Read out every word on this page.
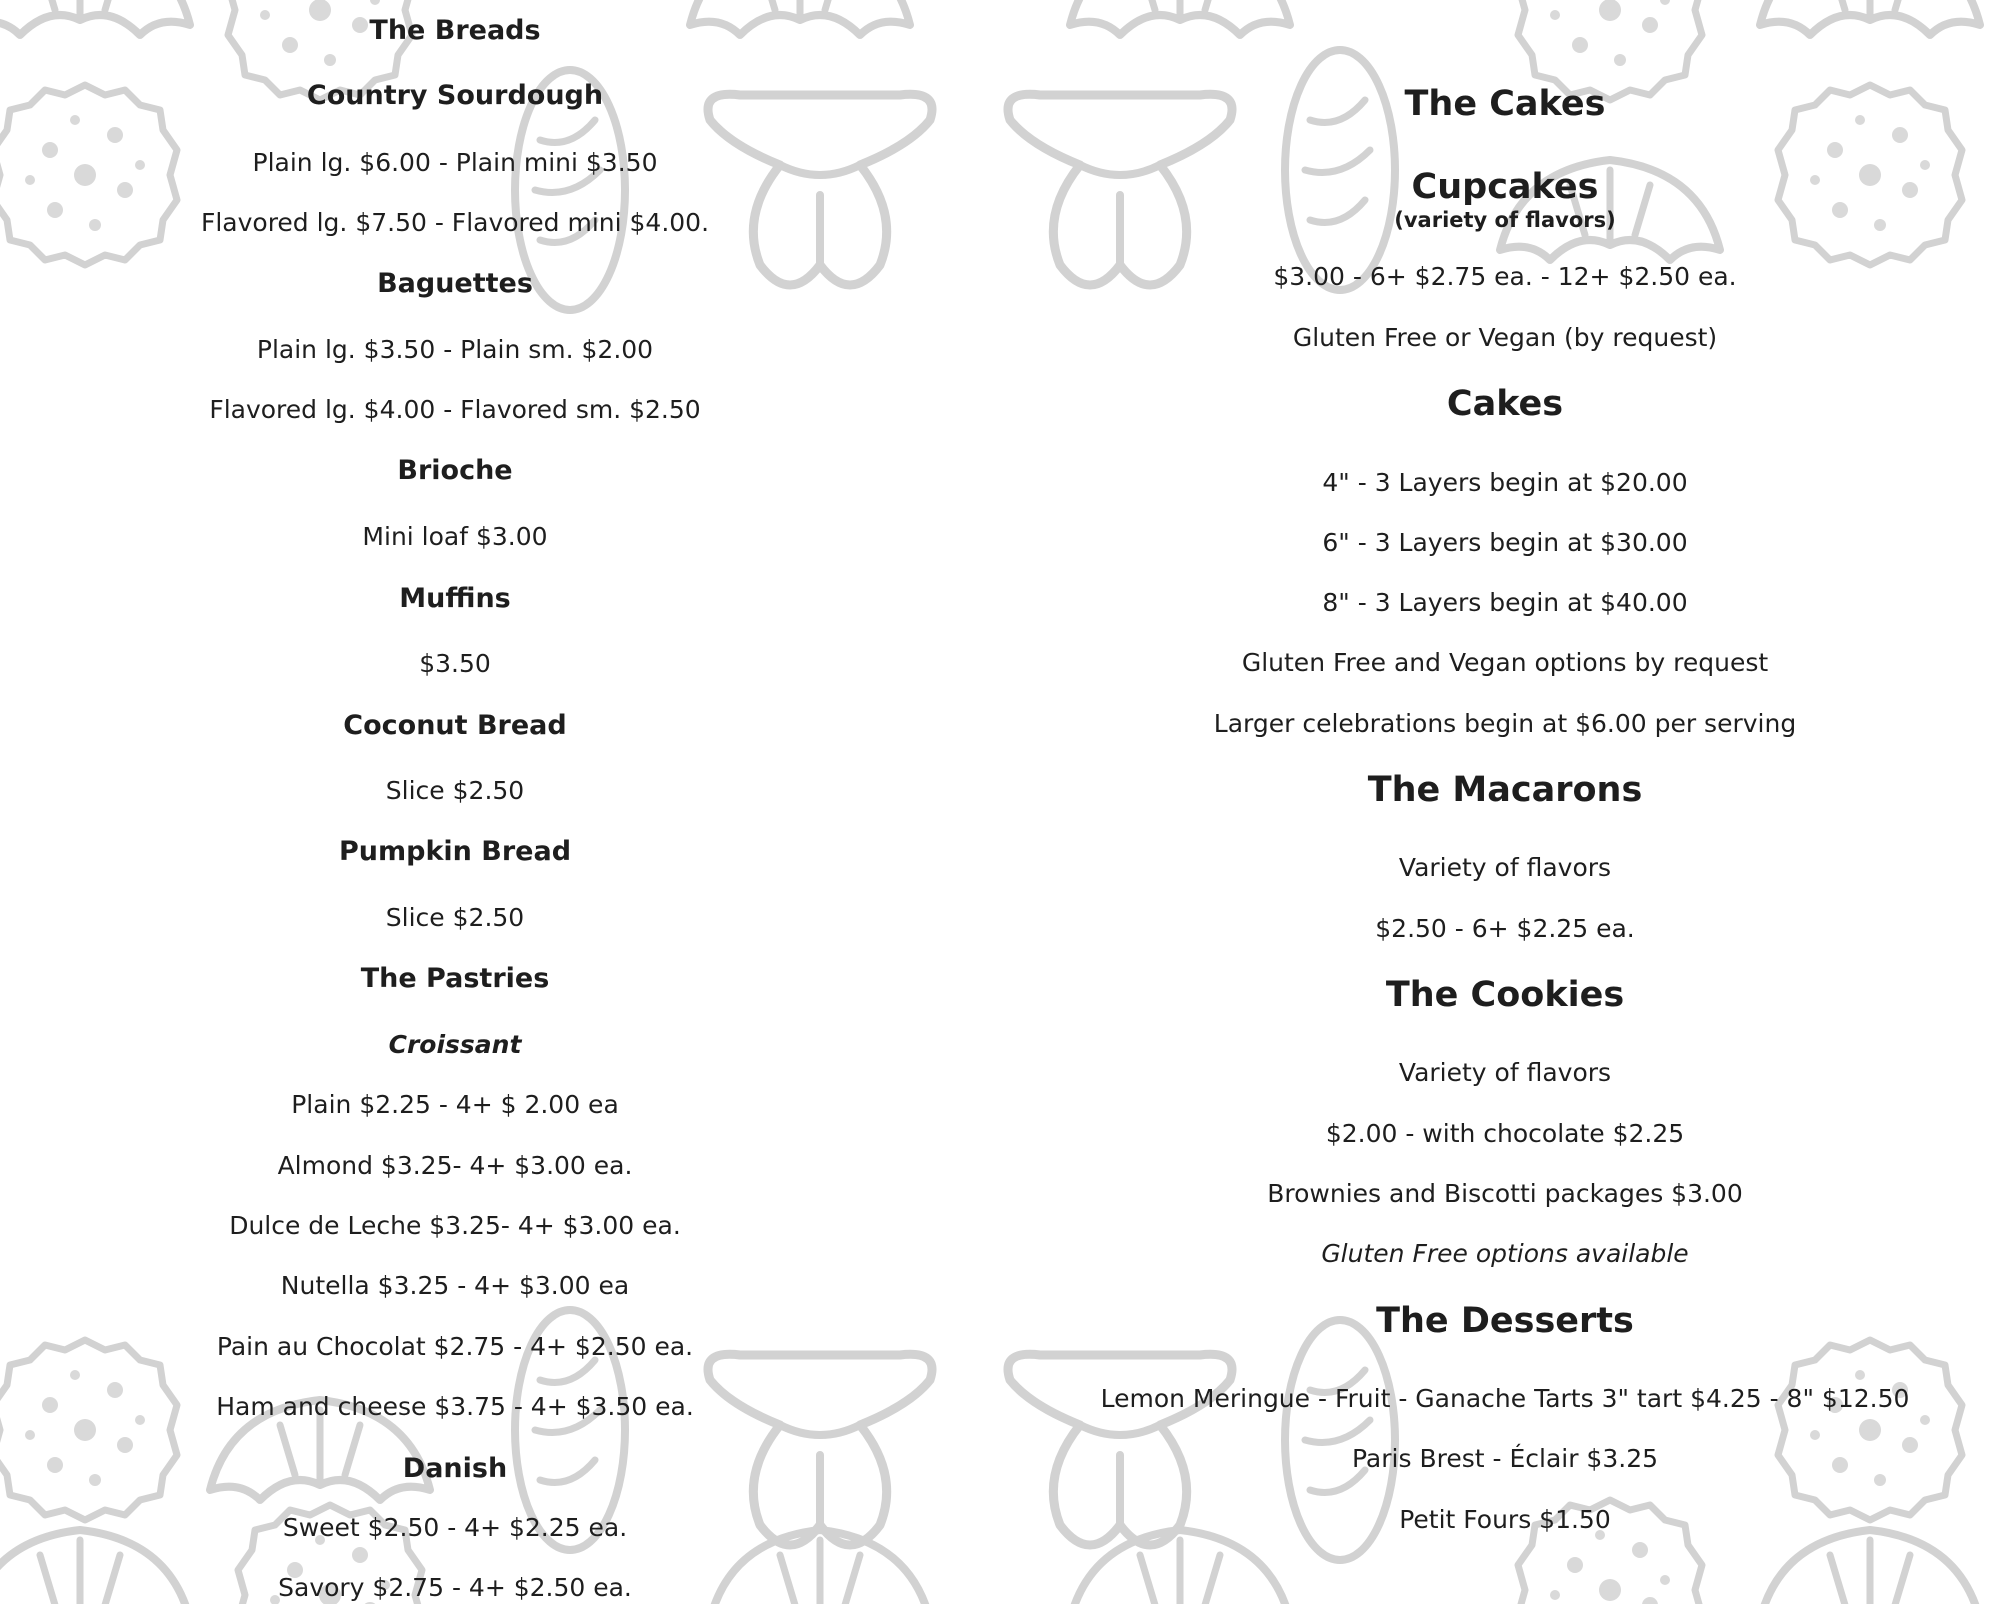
The Breads
Country Sourdough
Plain lg. $6.00 - Plain mini $3.50
Flavored lg. $7.50 - Flavored mini $4.00.
Baguettes
Plain lg. $3.50 - Plain sm. $2.00
Flavored lg. $4.00 - Flavored sm. $2.50
Brioche
Mini loaf $3.00
Muffins
$3.50
Coconut Bread
Slice $2.50
Pumpkin Bread
Slice $2.50
The Pastries
Croissant
Plain $2.25 - 4+ $ 2.00 ea
Almond $3.25- 4+ $3.00 ea.
Dulce de Leche $3.25- 4+ $3.00 ea.
Nutella $3.25 - 4+ $3.00 ea
Pain au Chocolat $2.75 - 4+ $2.50 ea.
Ham and cheese $3.75 - 4+ $3.50 ea.
Danish
Sweet $2.50 - 4+ $2.25 ea.
Savory $2.75 - 4+ $2.50 ea.
The Cakes
Cupcakes
(variety of flavors)
$3.00 - 6+ $2.75 ea. - 12+ $2.50 ea.
Gluten Free or Vegan (by request)
Cakes
4" - 3 Layers begin at $20.00
6" - 3 Layers begin at $30.00
8" - 3 Layers begin at $40.00
Gluten Free and Vegan options by request
Larger celebrations begin at $6.00 per serving
The Macarons
Variety of flavors
$2.50 - 6+ $2.25 ea.
The Cookies
Variety of flavors
$2.00 - with chocolate $2.25
Brownies and Biscotti packages $3.00
Gluten Free options available
The Desserts
Lemon Meringue - Fruit - Ganache Tarts 3" tart $4.25 - 8" $12.50
Paris Brest - Éclair $3.25
Petit Fours $1.50
